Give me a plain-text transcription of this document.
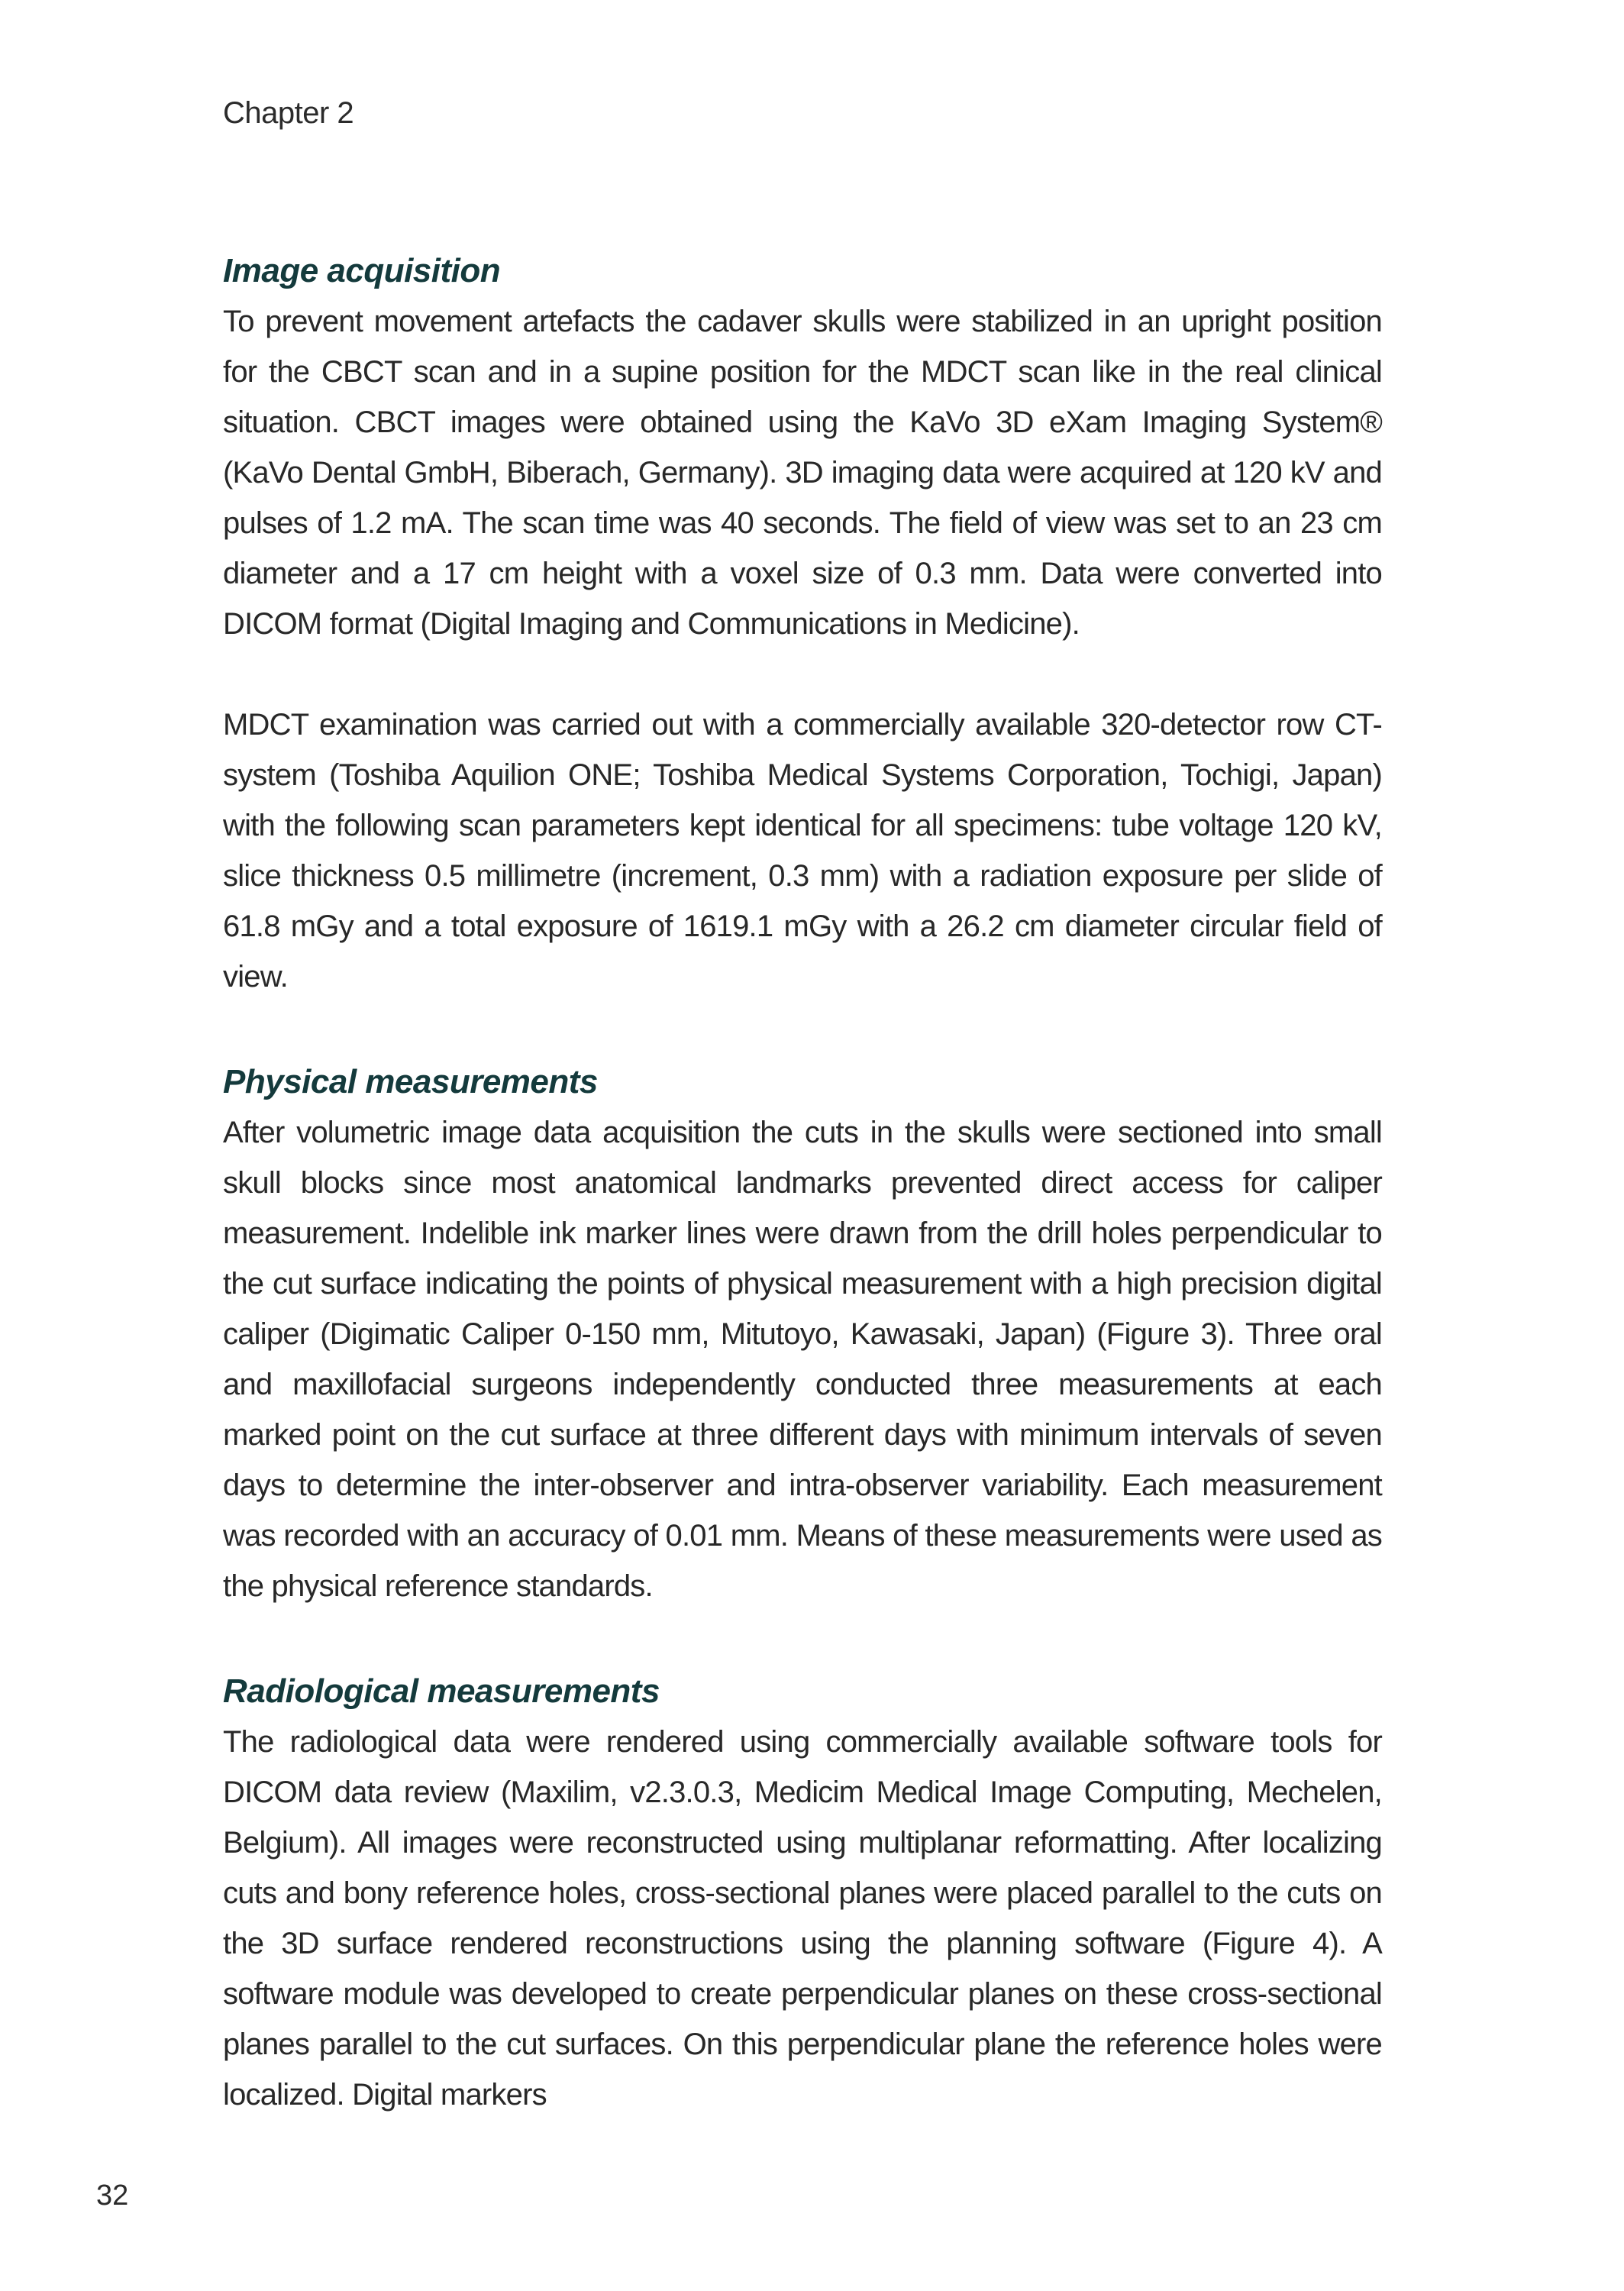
Chapter 2
Image acquisition

To prevent movement artefacts the cadaver skulls were stabilized in an upright position for the CBCT scan and in a supine position for the MDCT scan like in the real clinical situation. CBCT images were obtained using the KaVo 3D eXam Imaging System® (KaVo Dental GmbH, Biberach, Germany). 3D imaging data were acquired at 120 kV and pulses of 1.2 mA. The scan time was 40 seconds. The field of view was set to an 23 cm diameter and a 17 cm height with a voxel size of 0.3 mm. Data were converted into DICOM format (Digital Imaging and Communications in Medicine).

MDCT examination was carried out with a commercially available 320-detector row CT-system (Toshiba Aquilion ONE; Toshiba Medical Systems Corporation, Tochigi, Japan) with the following scan parameters kept identical for all specimens: tube voltage 120 kV, slice thickness 0.5 millimetre (increment, 0.3 mm) with a radiation exposure per slide of 61.8 mGy and a total exposure of 1619.1 mGy with a 26.2 cm diameter circular field of view.

Physical measurements

After volumetric image data acquisition the cuts in the skulls were sectioned into small skull blocks since most anatomical landmarks prevented direct access for caliper measurement. Indelible ink marker lines were drawn from the drill holes perpendicular to the cut surface indicating the points of physical measurement with a high precision digital caliper (Digimatic Caliper 0-150 mm, Mitutoyo, Kawasaki, Japan) (Figure 3). Three oral and maxillofacial surgeons independently conducted three measurements at each marked point on the cut surface at three different days with minimum intervals of seven days to determine the inter-observer and intra-observer variability. Each measurement was recorded with an accuracy of 0.01 mm. Means of these measurements were used as the physical reference standards.

Radiological measurements

The radiological data were rendered using commercially available software tools for DICOM data review (Maxilim, v2.3.0.3, Medicim Medical Image Computing, Mechelen, Belgium). All images were reconstructed using multiplanar reformatting. After localizing cuts and bony reference holes, cross-sectional planes were placed parallel to the cuts on the 3D surface rendered reconstructions using the planning software (Figure 4). A software module was developed to create perpendicular planes on these cross-sectional planes parallel to the cut surfaces. On this perpendicular plane the reference holes were localized. Digital markers

32
